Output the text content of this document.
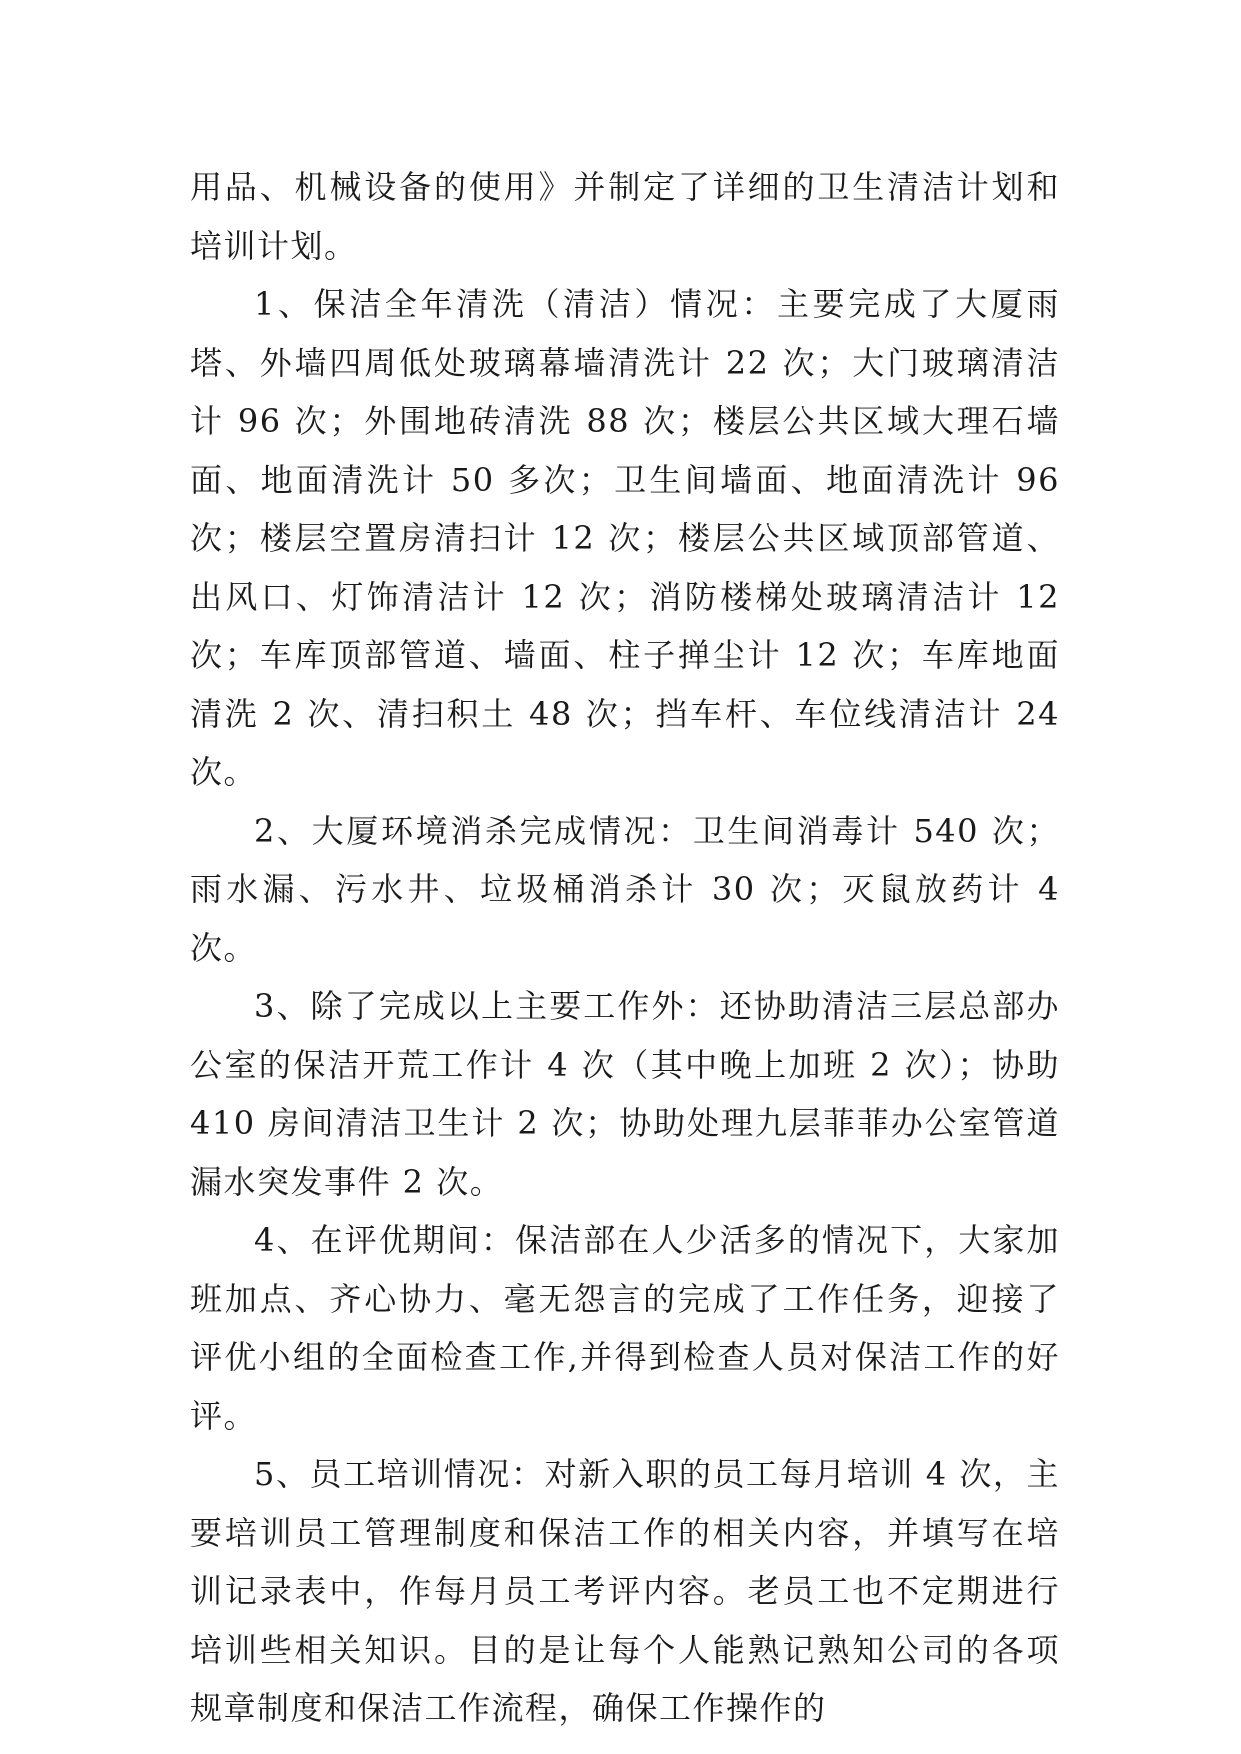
用品、机械设备的使用》并制定了详细的卫生清洁计划和培训计划。

1、保洁全年清洗（清洁）情况：主要完成了大厦雨塔、外墙四周低处玻璃幕墙清洗计 22 次；大门玻璃清洁计 96 次；外围地砖清洗 88 次；楼层公共区域大理石墙面、地面清洗计 50 多次；卫生间墙面、地面清洗计 96 次；楼层空置房清扫计 12 次；楼层公共区域顶部管道、出风口、灯饰清洁计 12 次；消防楼梯处玻璃清洁计 12 次；车库顶部管道、墙面、柱子掸尘计 12 次；车库地面清洗 2 次、清扫积土 48 次；挡车杆、车位线清洁计 24 次。

2、大厦环境消杀完成情况：卫生间消毒计 540 次；雨水漏、污水井、垃圾桶消杀计 30 次；灭鼠放药计 4 次。

3、除了完成以上主要工作外：还协助清洁三层总部办公室的保洁开荒工作计 4 次（其中晚上加班 2 次）；协助 410 房间清洁卫生计 2 次；协助处理九层菲菲办公室管道漏水突发事件 2 次。

4、在评优期间：保洁部在人少活多的情况下，大家加班加点、齐心协力、毫无怨言的完成了工作任务，迎接了评优小组的全面检查工作,并得到检查人员对保洁工作的好评。

5、员工培训情况：对新入职的员工每月培训 4 次，主要培训员工管理制度和保洁工作的相关内容，并填写在培训记录表中，作每月员工考评内容。老员工也不定期进行培训些相关知识。目的是让每个人能熟记熟知公司的各项规章制度和保洁工作流程，确保工作操作的
